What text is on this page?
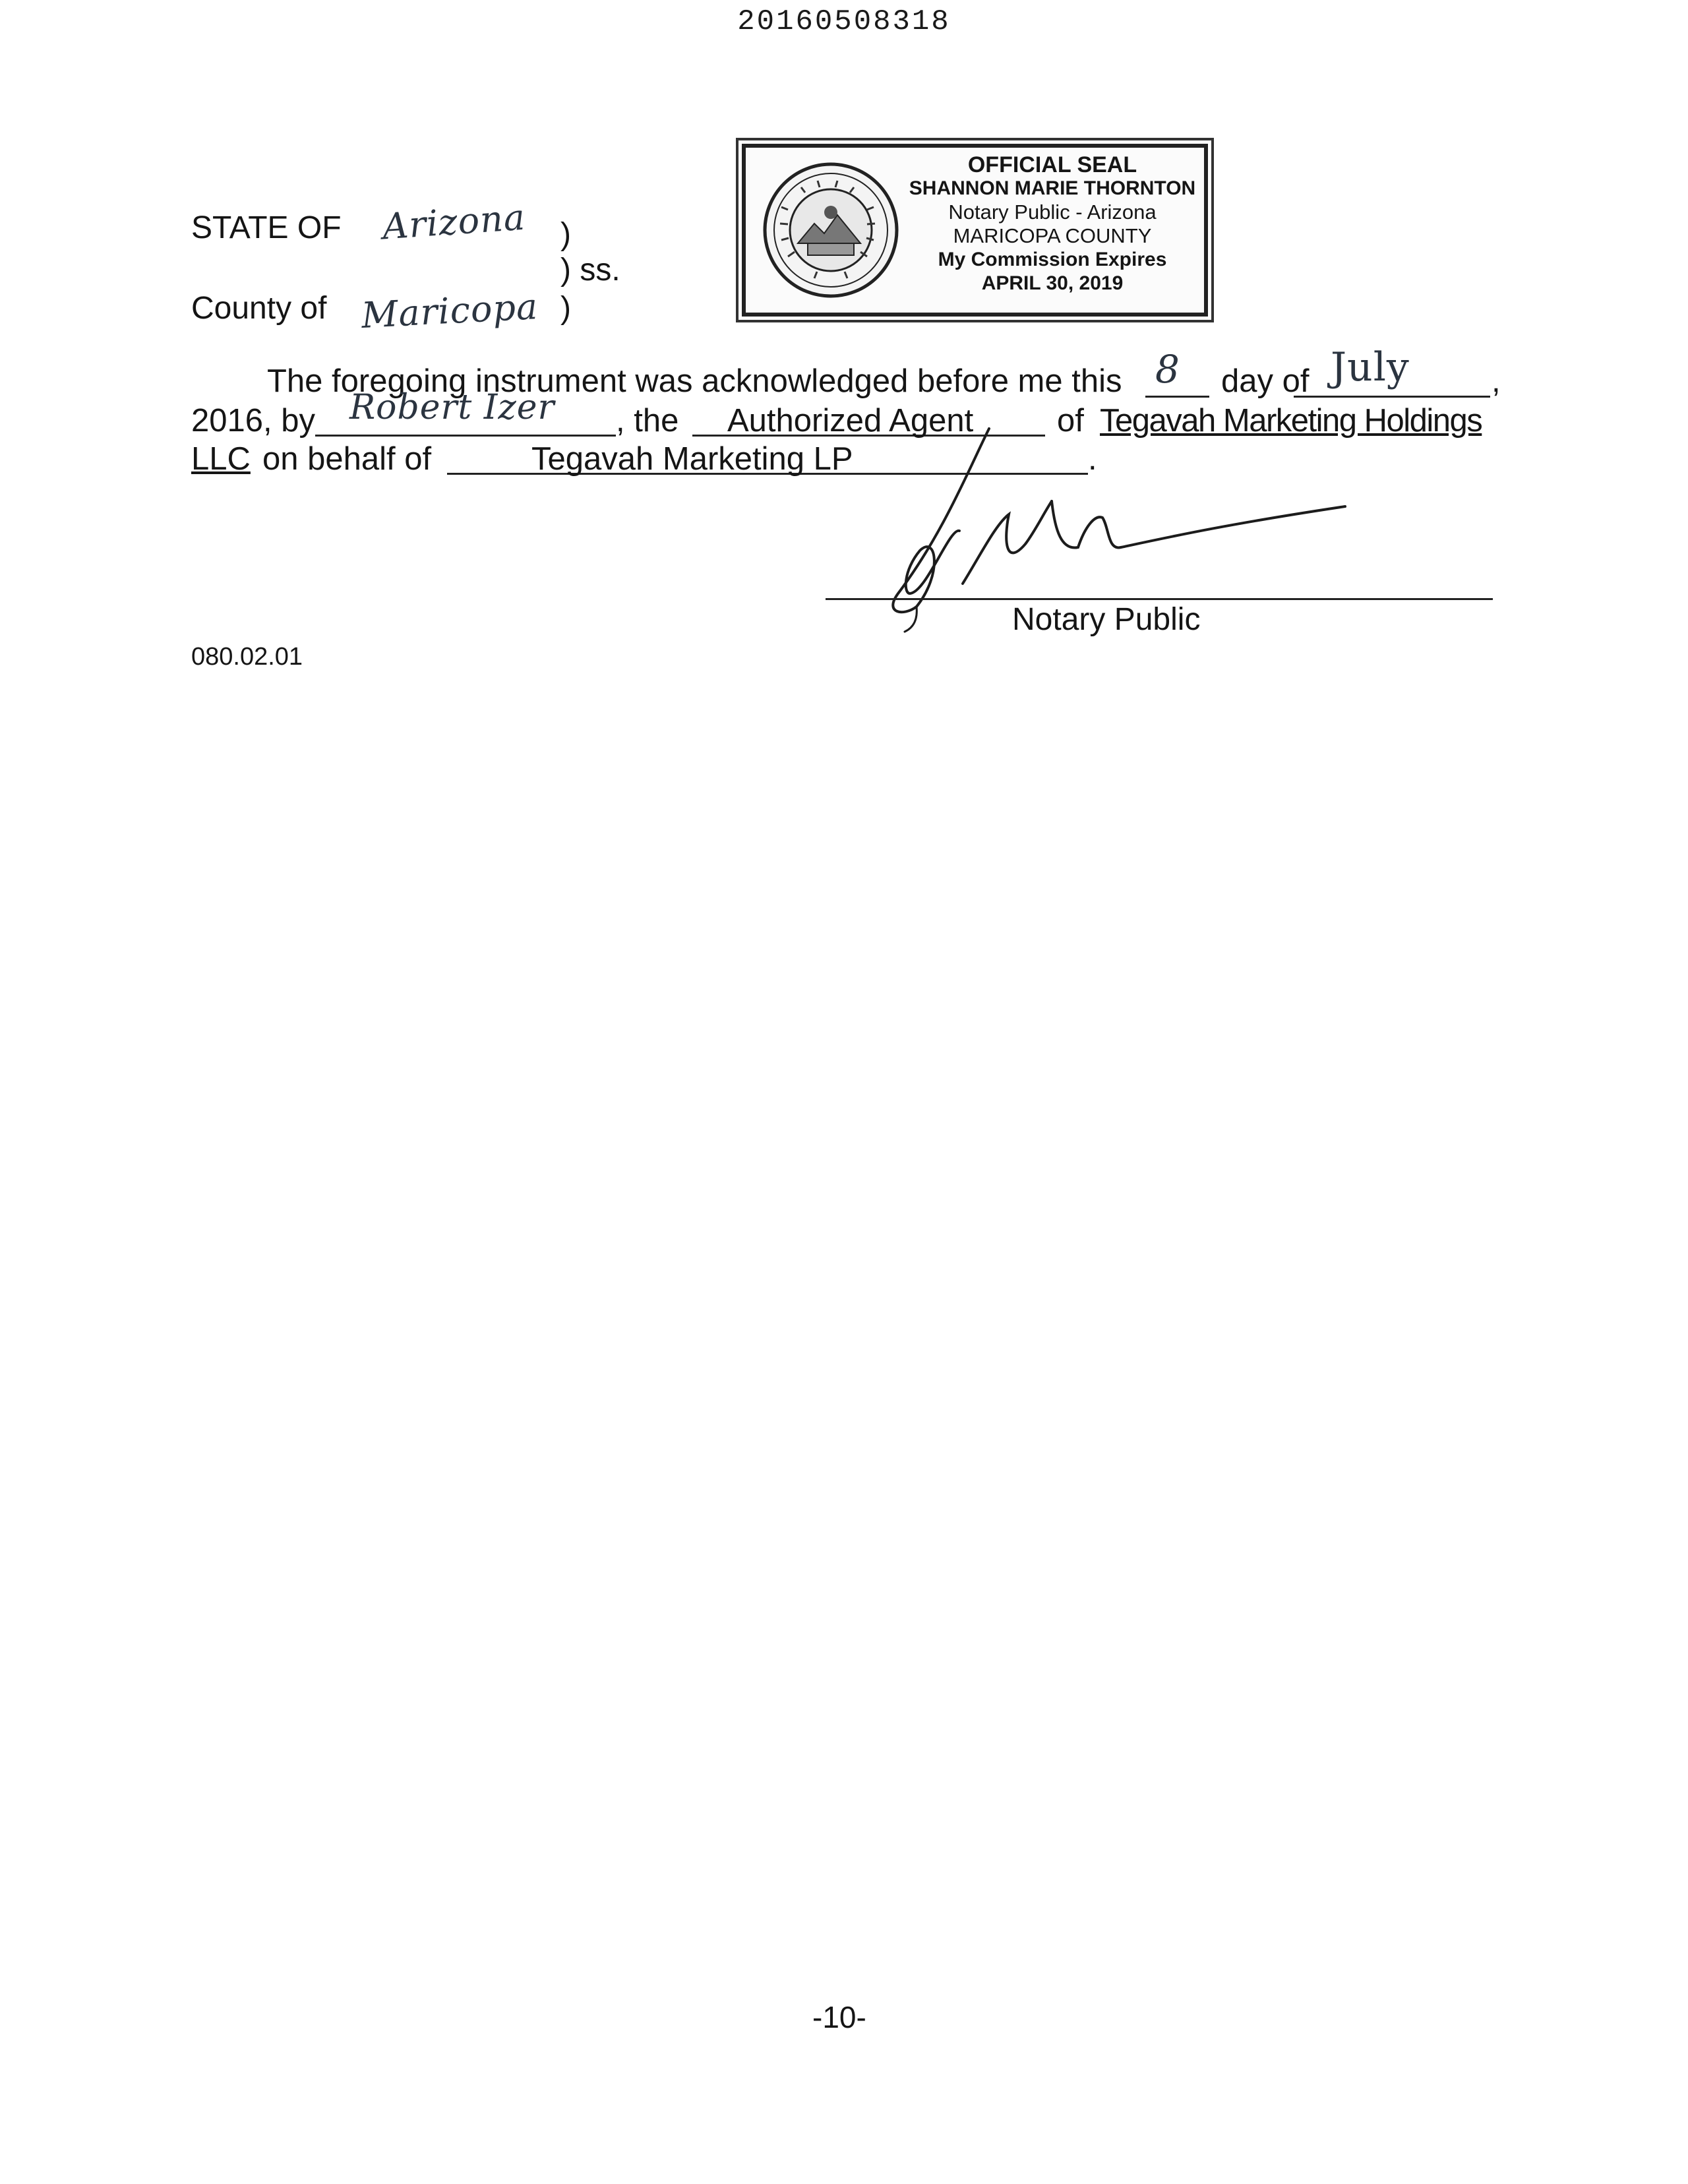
20160508318
STATE OF Arizona )
) ss.
County of Maricopa )
OFFICIAL SEAL
SHANNON MARIE THORNTON
Notary Public - Arizona
MARICOPA COUNTY
My Commission Expires
APRIL 30, 2019
The foregoing instrument was acknowledged before me this 8 day of July	,
2016, by Robert Izer , the Authorized Agent	of Tegavah Marketing Holdings
LLC on behalf of	Tegavah Marketing LP	.
Notary Public
080.02.01
-10-
